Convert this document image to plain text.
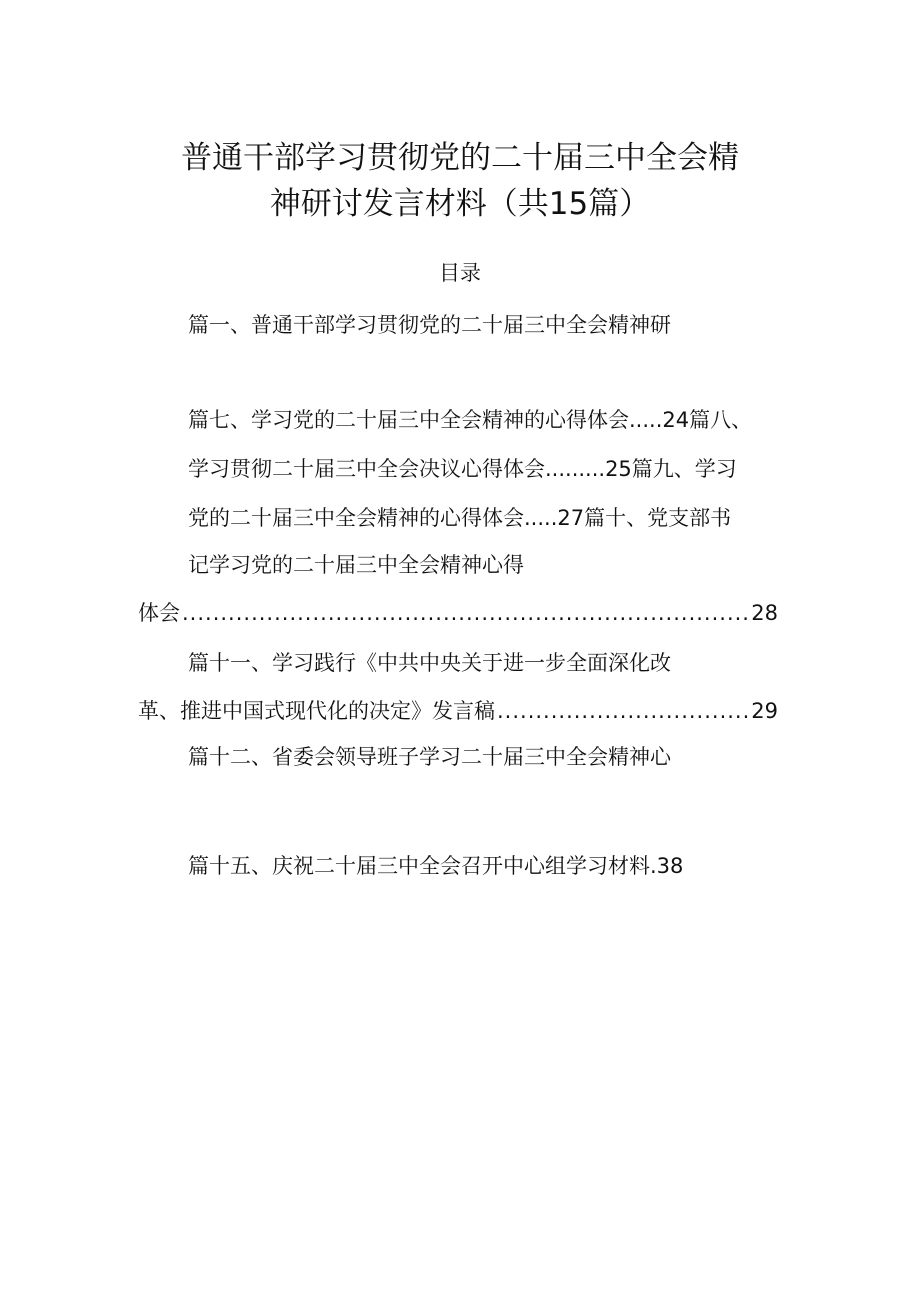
普通干部学习贯彻党的二十届三中全会精
神研讨发言材料（共15篇）
目录
篇一、普通干部学习贯彻党的二十届三中全会精神研
篇七、学习党的二十届三中全会精神的心得体会.....24篇八、
学习贯彻二十届三中全会决议心得体会.........25篇九、学习
党的二十届三中全会精神的心得体会.....27篇十、党支部书
记学习党的二十届三中全会精神心得
体会 .....	28
篇十一、学习践行《中共中央关于进一步全面深化改
革、推进中国式现代化的决定》发言稿 .....	29
篇十二、省委会领导班子学习二十届三中全会精神心
篇十五、庆祝二十届三中全会召开中心组学习材料.38
